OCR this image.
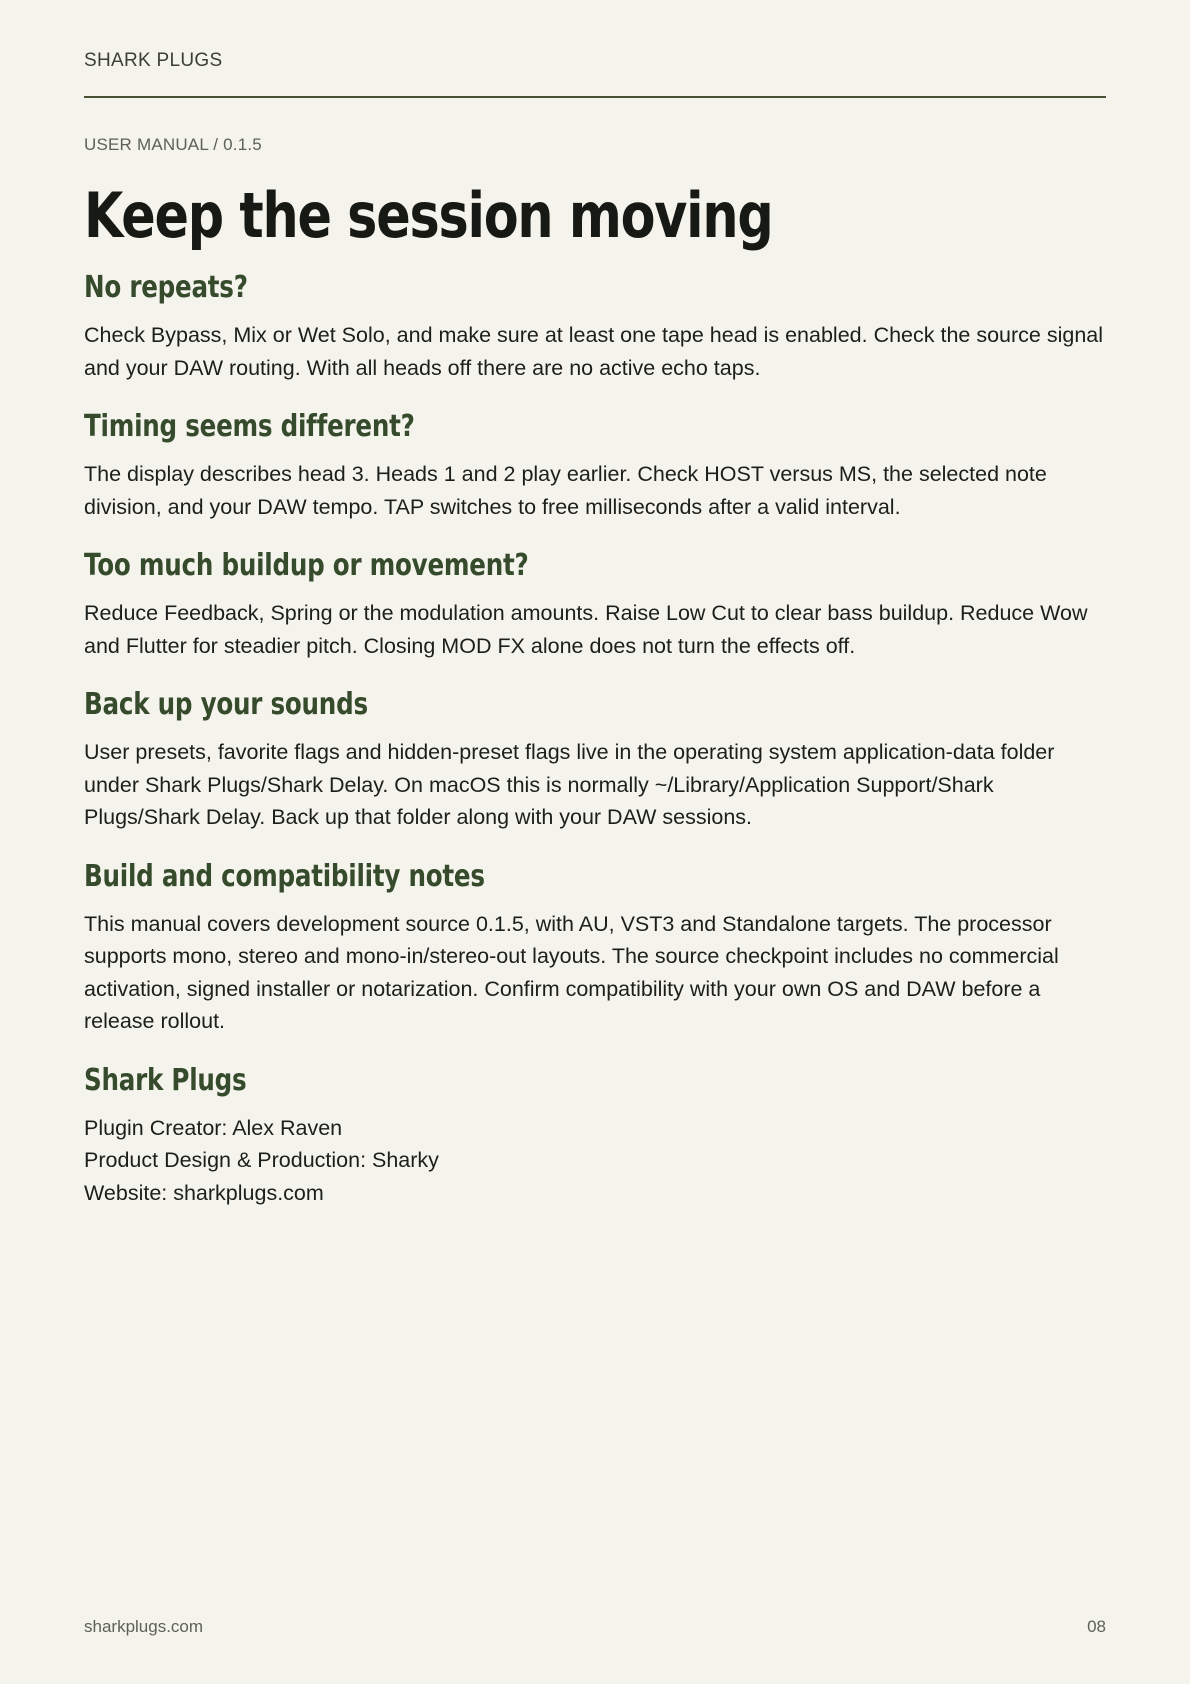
SHARK PLUGS
USER MANUAL / 0.1.5
Keep the session moving
No repeats?

Check Bypass, Mix or Wet Solo, and make sure at least one tape head is enabled. Check the source signal and your DAW routing. With all heads off there are no active echo taps.

Timing seems different?

The display describes head 3. Heads 1 and 2 play earlier. Check HOST versus MS, the selected note division, and your DAW tempo. TAP switches to free milliseconds after a valid interval.

Too much buildup or movement?

Reduce Feedback, Spring or the modulation amounts. Raise Low Cut to clear bass buildup. Reduce Wow and Flutter for steadier pitch. Closing MOD FX alone does not turn the effects off.

Back up your sounds

User presets, favorite flags and hidden-preset flags live in the operating system application-data folder under Shark Plugs/Shark Delay. On macOS this is normally ~/Library/Application Support/Shark Plugs/Shark Delay. Back up that folder along with your DAW sessions.

Build and compatibility notes

This manual covers development source 0.1.5, with AU, VST3 and Standalone targets. The processor supports mono, stereo and mono-in/stereo-out layouts. The source checkpoint includes no commercial activation, signed installer or notarization. Confirm compatibility with your own OS and DAW before a release rollout.

Shark Plugs
Plugin Creator: Alex Raven
Product Design & Production: Sharky
Website: sharkplugs.com
sharkplugs.com	08
